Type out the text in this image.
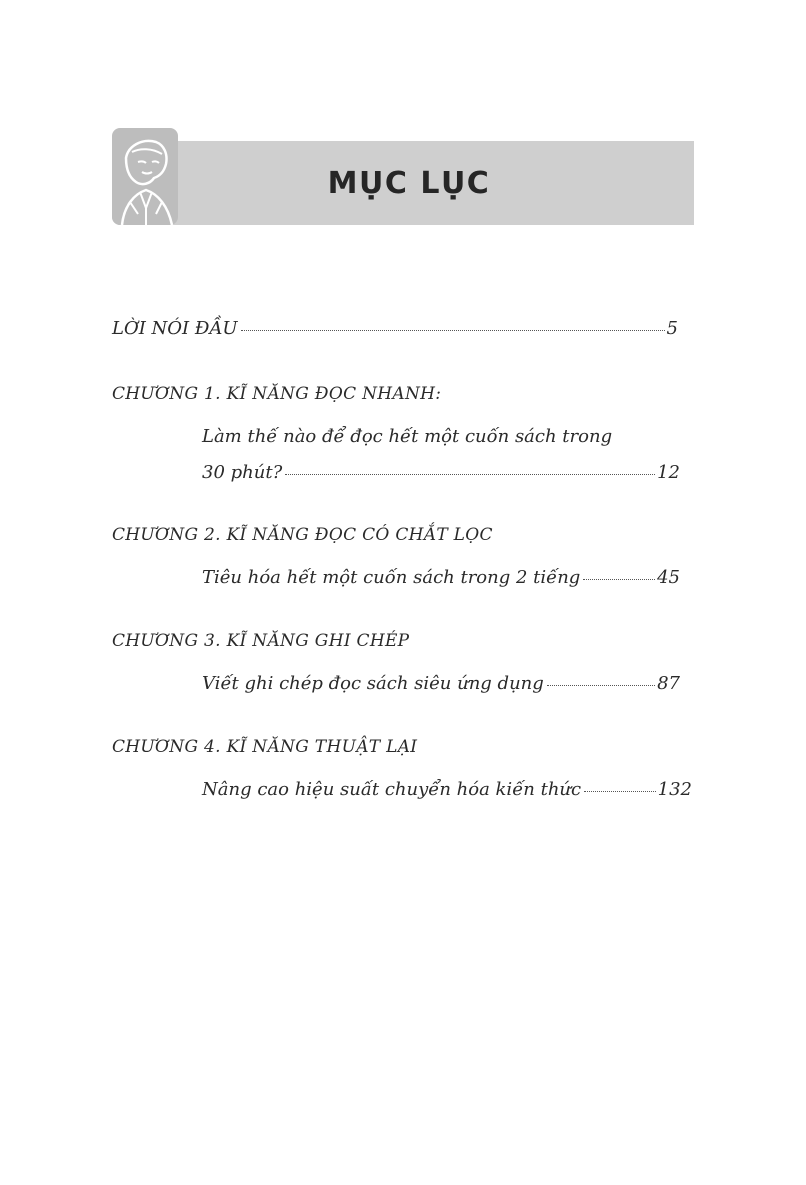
MỤC LỤC
LỜI NÓI ĐẦU	5
CHƯƠNG 1. KĨ NĂNG ĐỌC NHANH:
Làm thế nào để đọc hết một cuốn sách trong
30 phút?	12
CHƯƠNG 2. KĨ NĂNG ĐỌC CÓ CHẮT LỌC
Tiêu hóa hết một cuốn sách trong 2 tiếng	45
CHƯƠNG 3. KĨ NĂNG GHI CHÉP
Viết ghi chép đọc sách siêu ứng dụng	87
CHƯƠNG 4. KĨ NĂNG THUẬT LẠI
Nâng cao hiệu suất chuyển hóa kiến thức	132
